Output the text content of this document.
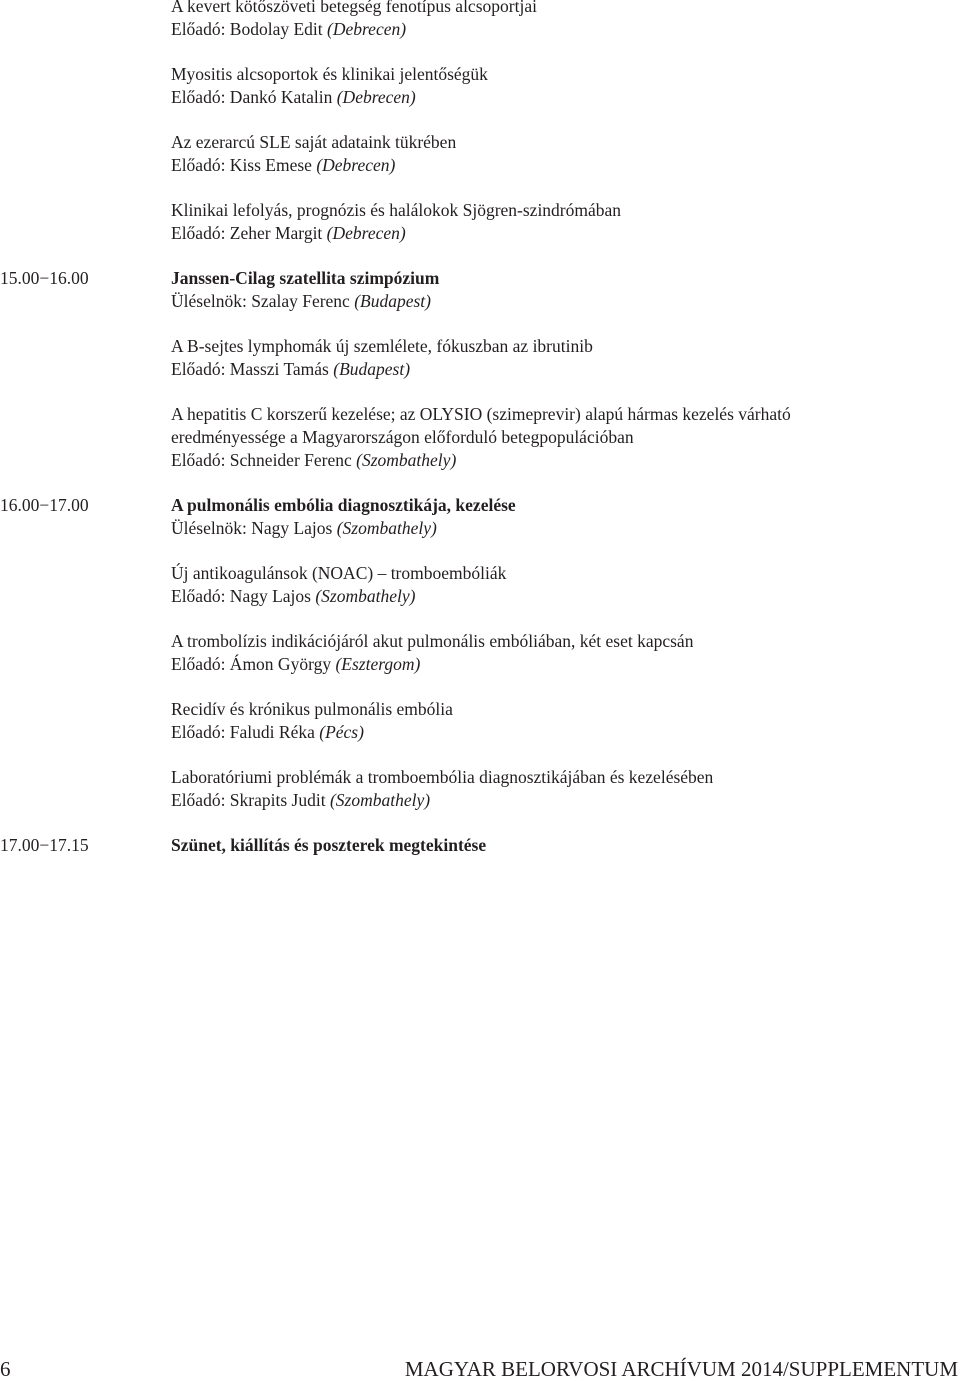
A kevert kötőszöveti betegség fenotípus alcsoportjai

Előadó: Bodolay Edit (Debrecen)

Myositis alcsoportok és klinikai jelentőségük

Előadó: Dankó Katalin (Debrecen)

Az ezerarcú SLE saját adataink tükrében

Előadó: Kiss Emese (Debrecen)

Klinikai lefolyás, prognózis és halálokok Sjögren-szindrómában

Előadó: Zeher Margit (Debrecen)

15.00−16.00	Janssen-Cilag szatellita szimpózium

Üléselnök: Szalay Ferenc (Budapest)

A B-sejtes lymphomák új szemlélete, fókuszban az ibrutinib

Előadó: Masszi Tamás (Budapest)

A hepatitis C korszerű kezelése; az OLYSIO (szimeprevir) alapú hármas kezelés várható

eredményessége a Magyarországon előforduló betegpopulációban

Előadó: Schneider Ferenc (Szombathely)

16.00−17.00	A pulmonális embólia diagnosztikája, kezelése

Üléselnök: Nagy Lajos (Szombathely)

Új antikoagulánsok (NOAC) – tromboembóliák

Előadó: Nagy Lajos (Szombathely)

A trombolízis indikációjáról akut pulmonális embóliában, két eset kapcsán

Előadó: Ámon György (Esztergom)

Recidív és krónikus pulmonális embólia

Előadó: Faludi Réka (Pécs)

Laboratóriumi problémák a tromboembólia diagnosztikájában és kezelésében

Előadó: Skrapits Judit (Szombathely)

17.00−17.15	Szünet, kiállítás és poszterek megtekintése

6	MAGYAR BELORVOSI ARCHÍVUM 2014/SUPPLEMENTUM
